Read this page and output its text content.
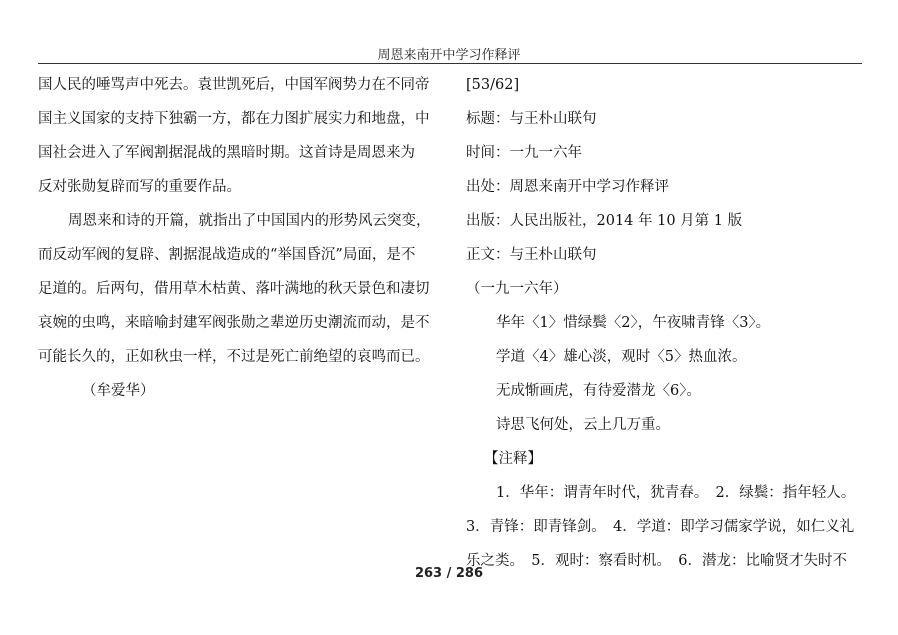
周恩来南开中学习作释评
国人民的唾骂声中死去。袁世凯死后，中国军阀势力在不同帝
国主义国家的支持下独霸一方，都在力图扩展实力和地盘，中
国社会进入了军阀割据混战的黑暗时期。这首诗是周恩来为
反对张勋复辟而写的重要作品。
周恩来和诗的开篇，就指出了中国国内的形势风云突变，
而反动军阀的复辟、割据混战造成的“举国昏沉”局面，是不
足道的。后两句，借用草木枯黄、落叶满地的秋天景色和凄切
哀婉的虫鸣，来暗喻封建军阀张勋之辈逆历史潮流而动，是不
可能长久的，正如秋虫一样，不过是死亡前绝望的哀鸣而已。
（牟爱华）
[53/62]
标题：与王朴山联句
时间：一九一六年
出处：周恩来南开中学习作释评
出版：人民出版社，2014 年 10 月第 1 版
正文：与王朴山联句
（一九一六年）
华年〈1〉惜绿鬓〈2〉，午夜啸青锋〈3〉。
学道〈4〉雄心淡，观时〈5〉热血浓。
无成惭画虎，有待爱潜龙〈6〉。
诗思飞何处，云上几万重。
【注释】
1．华年：谓青年时代，犹青春。　2．绿鬓：指年轻人。
3．青锋：即青锋剑。　4．学道：即学习儒家学说，如仁义礼
乐之类。　5．观时：察看时机。　6．潜龙：比喻贤才失时不
263 / 286
